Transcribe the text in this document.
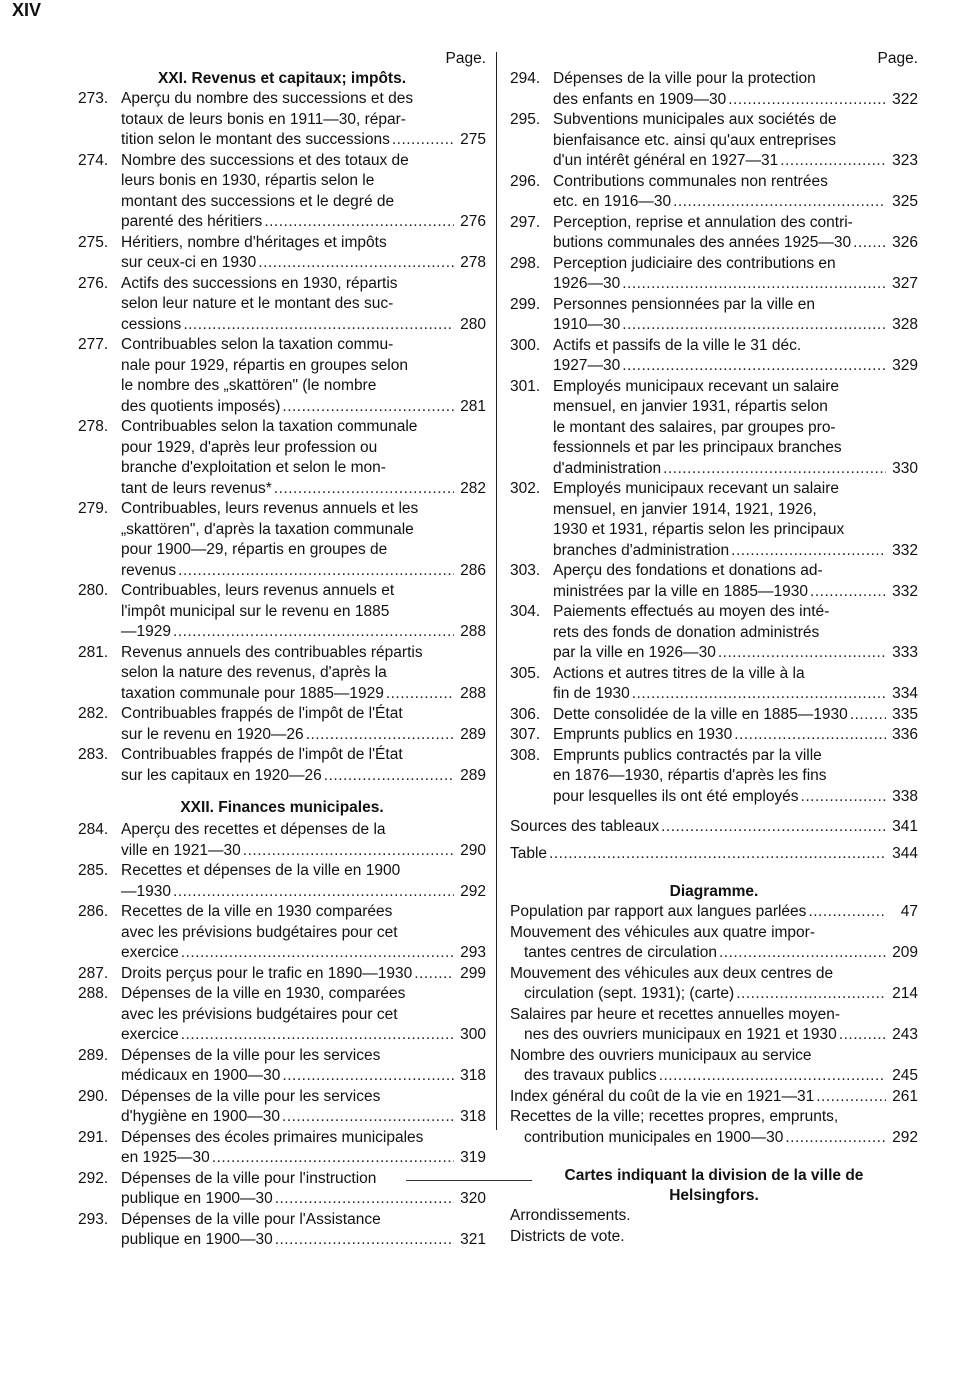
XIV
Page.
XXI. Revenus et capitaux; impôts.
273. Aperçu du nombre des successions et des
totaux de leurs bonis en 1911—30, répar-
tition selon le montant des successions .....	275
274. Nombre des successions et des totaux de
leurs bonis en 1930, répartis selon le
montant des successions et le degré de
parenté des héritiers .....	276
275. Héritiers, nombre d'héritages et impôts
sur ceux-ci en 1930 .....	278
276. Actifs des successions en 1930, répartis
selon leur nature et le montant des suc-
cessions .....	280
277. Contribuables selon la taxation commu-
nale pour 1929, répartis en groupes selon
le nombre des „skattören" (le nombre
des quotients imposés) .....	281
278. Contribuables selon la taxation communale
pour 1929, d'après leur profession ou
branche d'exploitation et selon le mon-
tant de leurs revenus* .....	282
279. Contribuables, leurs revenus annuels et les
„skattören", d'après la taxation communale
pour 1900—29, répartis en groupes de
revenus .....	286
280. Contribuables, leurs revenus annuels et
l'impôt municipal sur le revenu en 1885
—1929 .....	288
281. Revenus annuels des contribuables répartis
selon la nature des revenus, d'après la
taxation communale pour 1885—1929 .....	288
282. Contribuables frappés de l'impôt de l'État
sur le revenu en 1920—26 .....	289
283. Contribuables frappés de l'impôt de l'État
sur les capitaux en 1920—26 .....	289
XXII. Finances municipales.
284. Aperçu des recettes et dépenses de la
ville en 1921—30 .....	290
285. Recettes et dépenses de la ville en 1900
—1930 .....	292
286. Recettes de la ville en 1930 comparées
avec les prévisions budgétaires pour cet
exercice .....	293
287. Droits perçus pour le trafic en 1890—1930 .....	299
288. Dépenses de la ville en 1930, comparées
avec les prévisions budgétaires pour cet
exercice .....	300
289. Dépenses de la ville pour les services
médicaux en 1900—30 .....	318
290. Dépenses de la ville pour les services
d'hygiène en 1900—30 .....	318
291. Dépenses des écoles primaires municipales
en 1925—30 .....	319
292. Dépenses de la ville pour l'instruction
publique en 1900—30 .....	320
293. Dépenses de la ville pour l'Assistance
publique en 1900—30 .....	321
Page.
294. Dépenses de la ville pour la protection
des enfants en 1909—30 .....	322
295. Subventions municipales aux sociétés de
bienfaisance etc. ainsi qu'aux entreprises
d'un intérêt général en 1927—31 .....	323
296. Contributions communales non rentrées
etc. en 1916—30 .....	325
297. Perception, reprise et annulation des contri-
butions communales des années 1925—30 .....	326
298. Perception judiciaire des contributions en
1926—30 .....	327
299. Personnes pensionnées par la ville en
1910—30 .....	328
300. Actifs et passifs de la ville le 31 déc.
1927—30 .....	329
301. Employés municipaux recevant un salaire
mensuel, en janvier 1931, répartis selon
le montant des salaires, par groupes pro-
fessionnels et par les principaux branches
d'administration .....	330
302. Employés municipaux recevant un salaire
mensuel, en janvier 1914, 1921, 1926,
1930 et 1931, répartis selon les principaux
branches d'administration .....	332
303. Aperçu des fondations et donations ad-
ministrées par la ville en 1885—1930 .....	332
304. Paiements effectués au moyen des inté-
rets des fonds de donation administrés
par la ville en 1926—30 .....	333
305. Actions et autres titres de la ville à la
fin de 1930 .....	334
306. Dette consolidée de la ville en 1885—1930 .....	335
307. Emprunts publics en 1930 .....	336
308. Emprunts publics contractés par la ville
en 1876—1930, répartis d'après les fins
pour lesquelles ils ont été employés .....	338
Sources des tableaux .....	341
Table .....	344
Diagramme.
Population par rapport aux langues parlées .....	47
Mouvement des véhicules aux quatre impor-
tantes centres de circulation .....	209
Mouvement des véhicules aux deux centres de
circulation (sept. 1931); (carte) .....	214
Salaires par heure et recettes annuelles moyen-
nes des ouvriers municipaux en 1921 et 1930 .....	243
Nombre des ouvriers municipaux au service
des travaux publics .....	245
Index général du coût de la vie en 1921—31 .....	261
Recettes de la ville; recettes propres, emprunts,
contribution municipales en 1900—30 .....	292
Cartes indiquant la division de la ville de Helsingfors.
Arrondissements.
Districts de vote.
